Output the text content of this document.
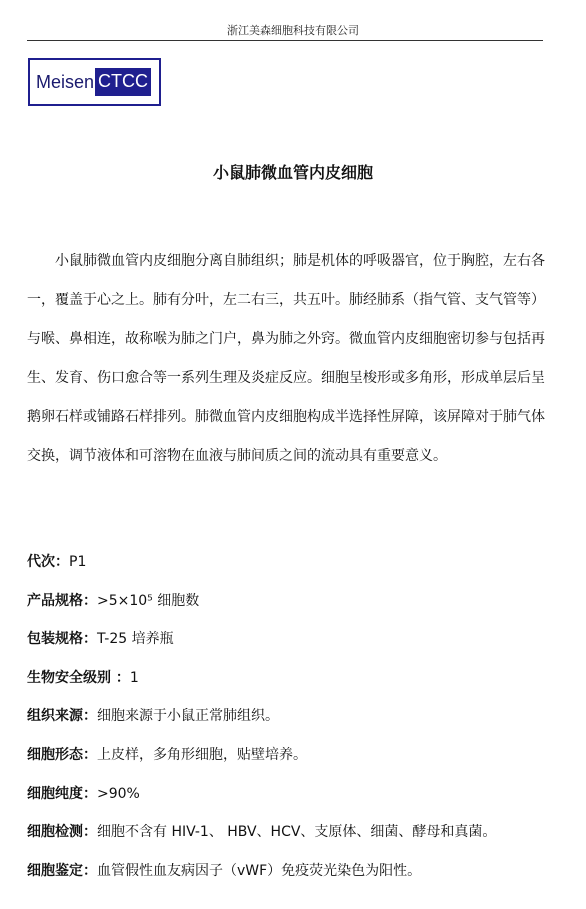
浙江美森细胞科技有限公司
Meisen CTCC
小鼠肺微血管内皮细胞

小鼠肺微血管内皮细胞分离自肺组织；肺是机体的呼吸器官，位于胸腔，左右各一，覆盖于心之上。肺有分叶，左二右三，共五叶。肺经肺系（指气管、支气管等）与喉、鼻相连，故称喉为肺之门户，鼻为肺之外窍。微血管内皮细胞密切参与包括再生、发育、伤口愈合等一系列生理及炎症反应。细胞呈梭形或多角形，形成单层后呈鹅卵石样或铺路石样排列。肺微血管内皮细胞构成半选择性屏障，该屏障对于肺气体交换，调节液体和可溶物在血液与肺间质之间的流动具有重要意义。

代次：P1
产品规格：>5×10⁵ 细胞数
包装规格：T-25 培养瓶
生物安全级别 ：1
组织来源：细胞来源于小鼠正常肺组织。
细胞形态：上皮样，多角形细胞，贴壁培养。
细胞纯度：>90%
细胞检测：细胞不含有 HIV-1、 HBV、HCV、支原体、细菌、酵母和真菌。
细胞鉴定：血管假性血友病因子（vWF）免疫荧光染色为阳性。
